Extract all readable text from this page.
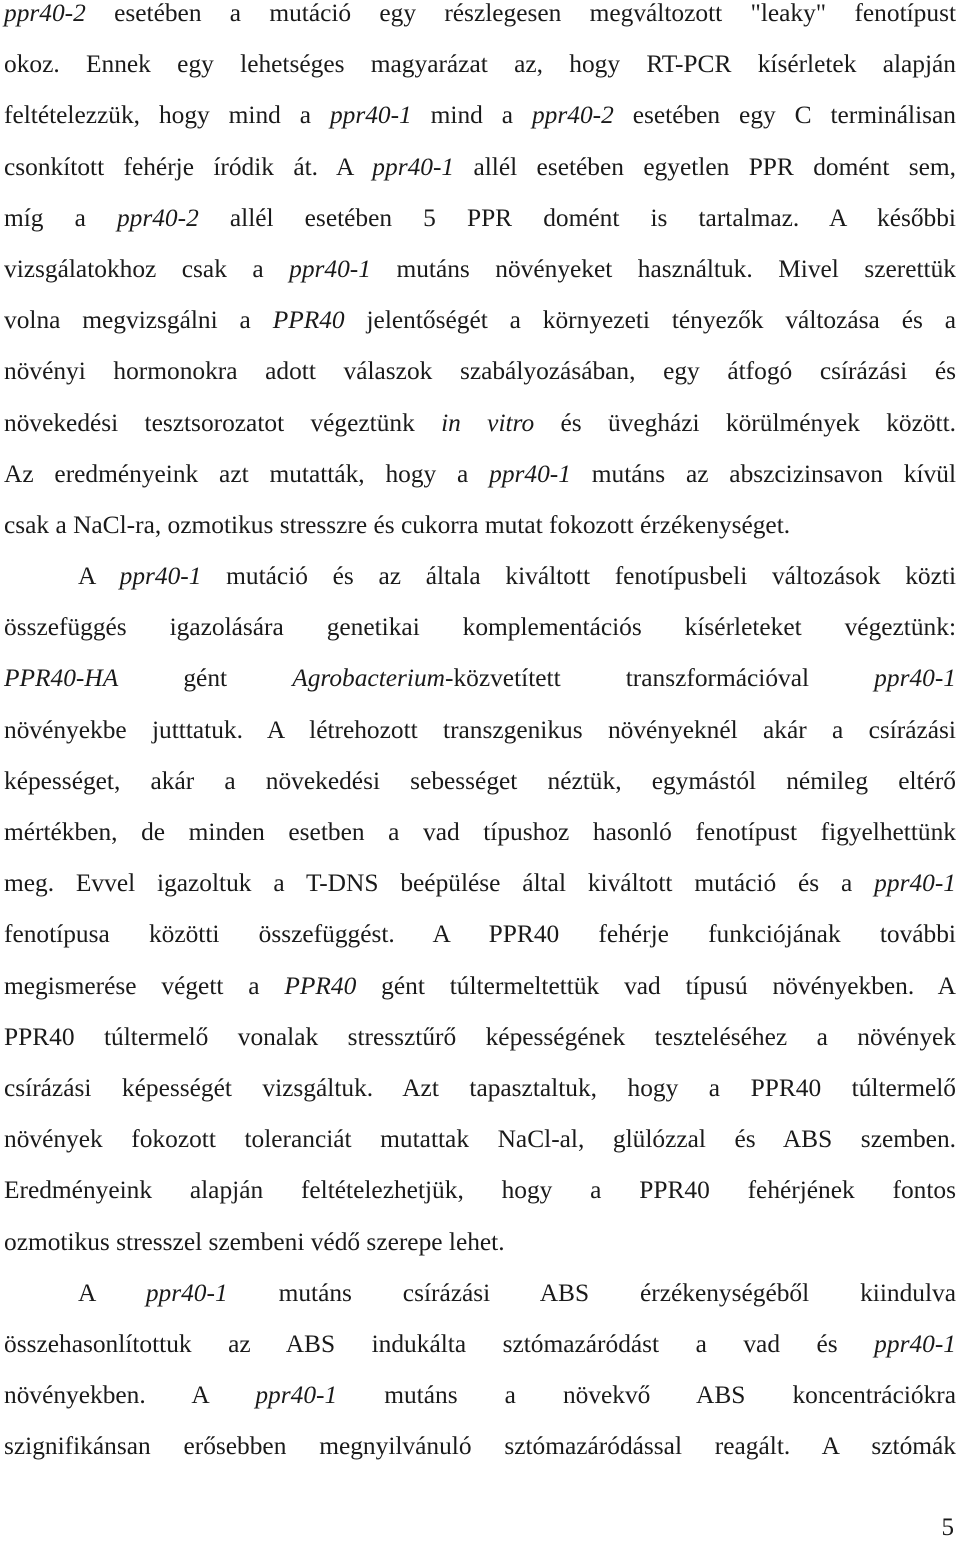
ppr40-2 esetében a mutáció egy részlegesen megváltozott "leaky" fenotípust
okoz. Ennek egy lehetséges magyarázat az, hogy RT-PCR kísérletek alapján
feltételezzük, hogy mind a ppr40-1 mind a ppr40-2 esetében egy C terminálisan
csonkított fehérje íródik át. A ppr40-1 allél esetében egyetlen PPR domént sem,
míg a ppr40-2 allél esetében 5 PPR domént is tartalmaz. A későbbi
vizsgálatokhoz csak a ppr40-1 mutáns növényeket használtuk. Mivel szerettük
volna megvizsgálni a PPR40 jelentőségét a környezeti tényezők változása és a
növényi hormonokra adott válaszok szabályozásában, egy átfogó csírázási és
növekedési tesztsorozatot végeztünk in vitro és üvegházi körülmények között.
Az eredményeink azt mutatták, hogy a ppr40-1 mutáns az abszcizinsavon kívül
csak a NaCl-ra, ozmotikus stresszre és cukorra mutat fokozott érzékenységet.
A ppr40-1 mutáció és az általa kiváltott fenotípusbeli változások közti
összefüggés igazolására genetikai komplementációs kísérleteket végeztünk:
PPR40-HA gént Agrobacterium-közvetített transzformációval ppr40-1
növényekbe jutttatuk. A létrehozott transzgenikus növényeknél akár a csírázási
képességet, akár a növekedési sebességet néztük, egymástól némileg eltérő
mértékben, de minden esetben a vad típushoz hasonló fenotípust figyelhettünk
meg. Evvel igazoltuk a T-DNS beépülése által kiváltott mutáció és a ppr40-1
fenotípusa közötti összefüggést. A PPR40 fehérje funkciójának további
megismerése végett a PPR40 gént túltermeltettük vad típusú növényekben. A
PPR40 túltermelő vonalak stressztűrő képességének teszteléséhez a növények
csírázási képességét vizsgáltuk. Azt tapasztaltuk, hogy a PPR40 túltermelő
növények fokozott toleranciát mutattak NaCl-al, glülózzal és ABS szemben.
Eredményeink alapján feltételezhetjük, hogy a PPR40 fehérjének fontos
ozmotikus stresszel szembeni védő szerepe lehet.
A ppr40-1 mutáns csírázási ABS érzékenységéből kiindulva
összehasonlítottuk az ABS indukálta sztómazáródást a vad és ppr40-1
növényekben. A ppr40-1 mutáns a növekvő ABS koncentrációkra
szignifikánsan erősebben megnyilvánuló sztómazáródással reagált. A sztómák
5
